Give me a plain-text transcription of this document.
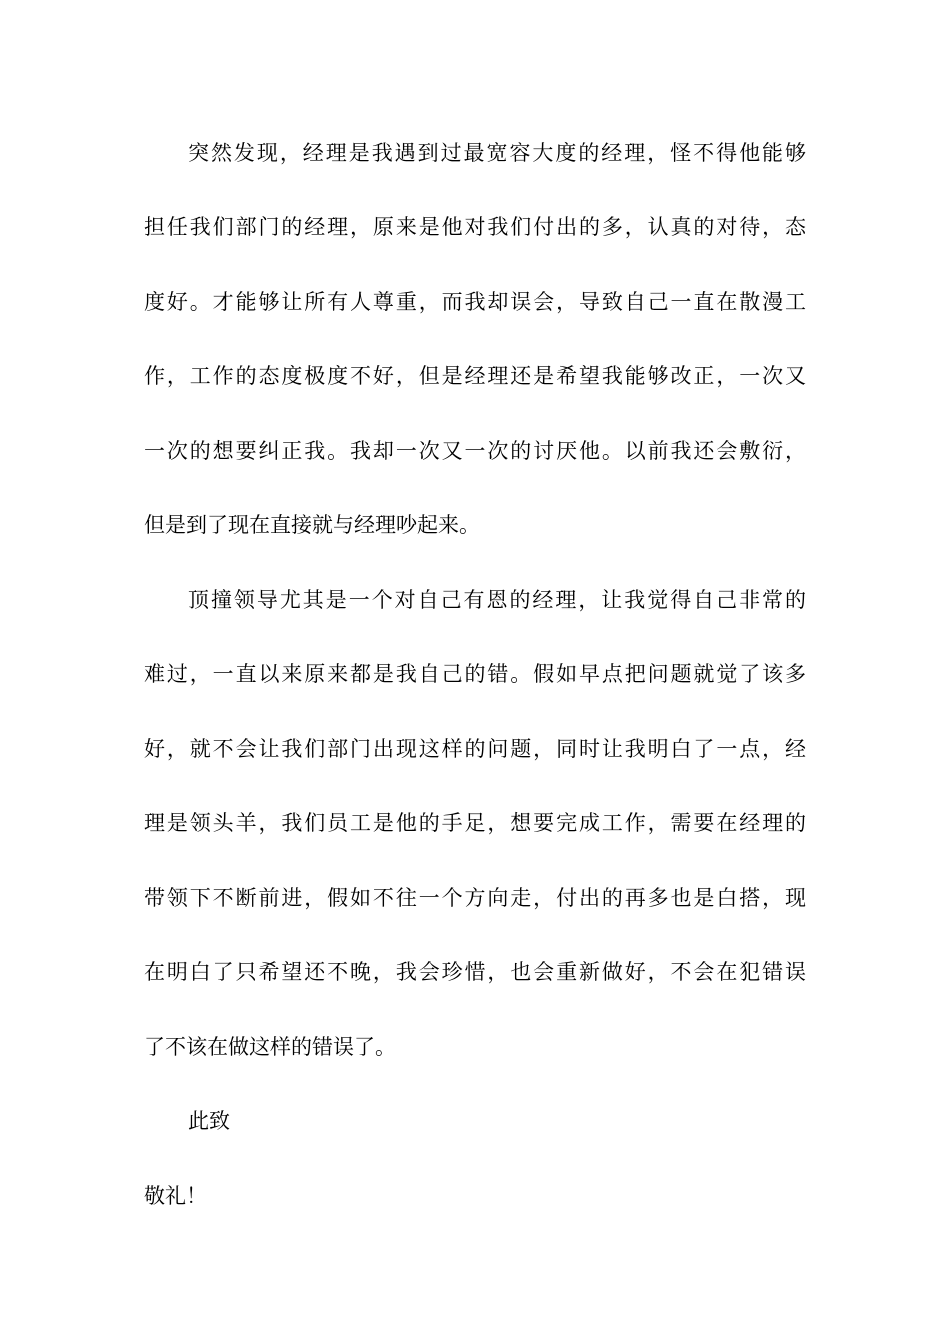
突然发现，经理是我遇到过最宽容大度的经理，怪不得他能够
担任我们部门的经理，原来是他对我们付出的多，认真的对待，态
度好。才能够让所有人尊重，而我却误会，导致自己一直在散漫工
作，工作的态度极度不好，但是经理还是希望我能够改正，一次又
一次的想要纠正我。我却一次又一次的讨厌他。以前我还会敷衍，
但是到了现在直接就与经理吵起来。
顶撞领导尤其是一个对自己有恩的经理，让我觉得自己非常的
难过，一直以来原来都是我自己的错。假如早点把问题就觉了该多
好，就不会让我们部门出现这样的问题，同时让我明白了一点，经
理是领头羊，我们员工是他的手足，想要完成工作，需要在经理的
带领下不断前进，假如不往一个方向走，付出的再多也是白搭，现
在明白了只希望还不晚，我会珍惜，也会重新做好，不会在犯错误
了不该在做这样的错误了。
此致
敬礼！
